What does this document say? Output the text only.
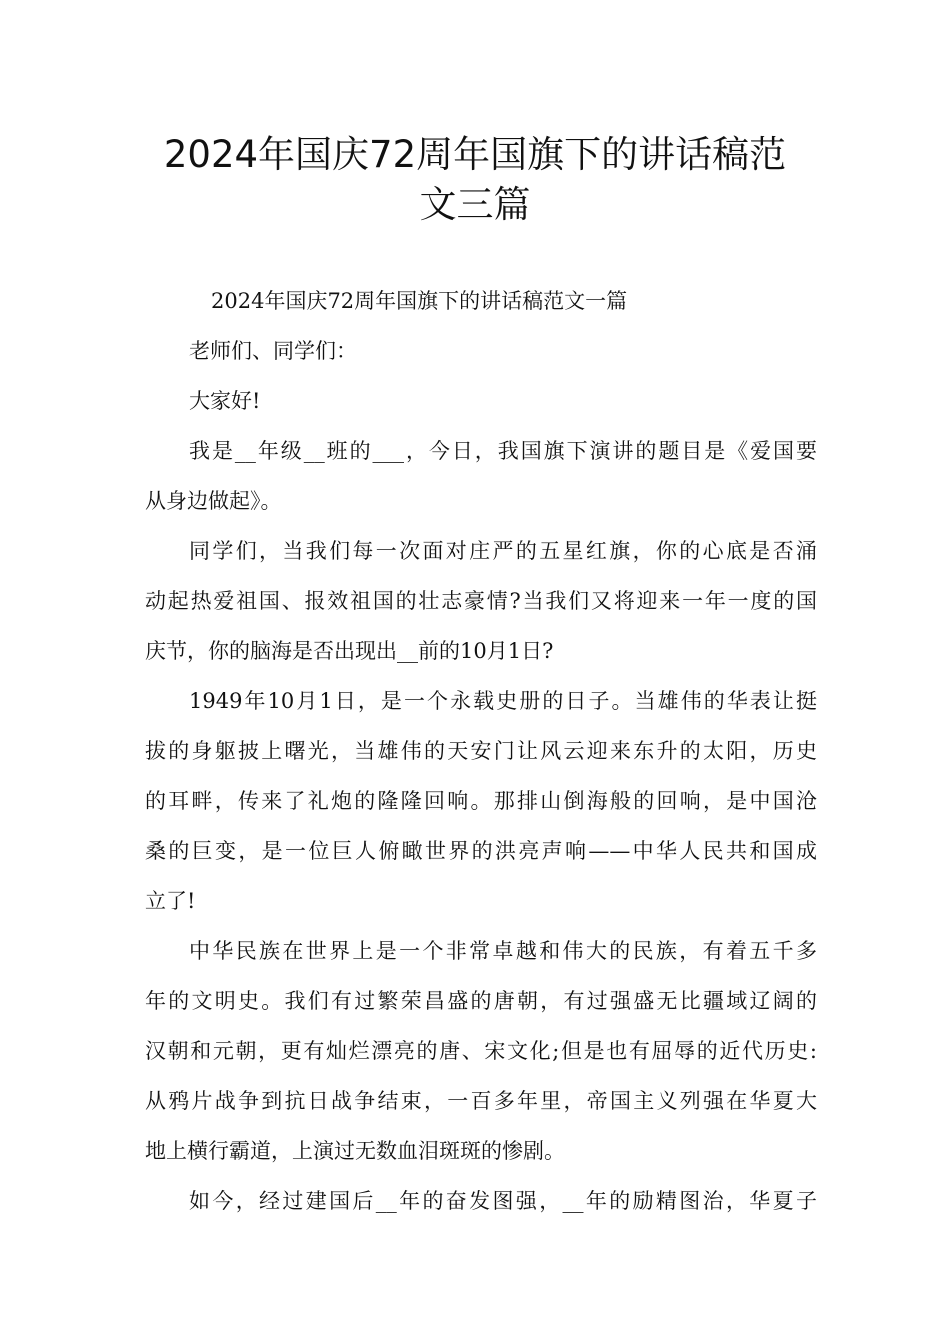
2024年国庆72周年国旗下的讲话稿范
文三篇
2024年国庆72周年国旗下的讲话稿范文一篇
老师们、同学们：
大家好!
我是__年级__班的___，今日，我国旗下演讲的题目是《爱国要
从身边做起》。
同学们，当我们每一次面对庄严的五星红旗，你的心底是否涌
动起热爱祖国、报效祖国的壮志豪情?当我们又将迎来一年一度的国
庆节，你的脑海是否出现出__前的10月1日?
1949年10月1日，是一个永载史册的日子。当雄伟的华表让挺
拔的身躯披上曙光，当雄伟的天安门让风云迎来东升的太阳，历史
的耳畔，传来了礼炮的隆隆回响。那排山倒海般的回响，是中国沧
桑的巨变，是一位巨人俯瞰世界的洪亮声响——中华人民共和国成
立了!
中华民族在世界上是一个非常卓越和伟大的民族，有着五千多
年的文明史。我们有过繁荣昌盛的唐朝，有过强盛无比疆域辽阔的
汉朝和元朝，更有灿烂漂亮的唐、宋文化;但是也有屈辱的近代历史:
从鸦片战争到抗日战争结束，一百多年里，帝国主义列强在华夏大
地上横行霸道，上演过无数血泪斑斑的惨剧。
如今，经过建国后__年的奋发图强，__年的励精图治，华夏子
